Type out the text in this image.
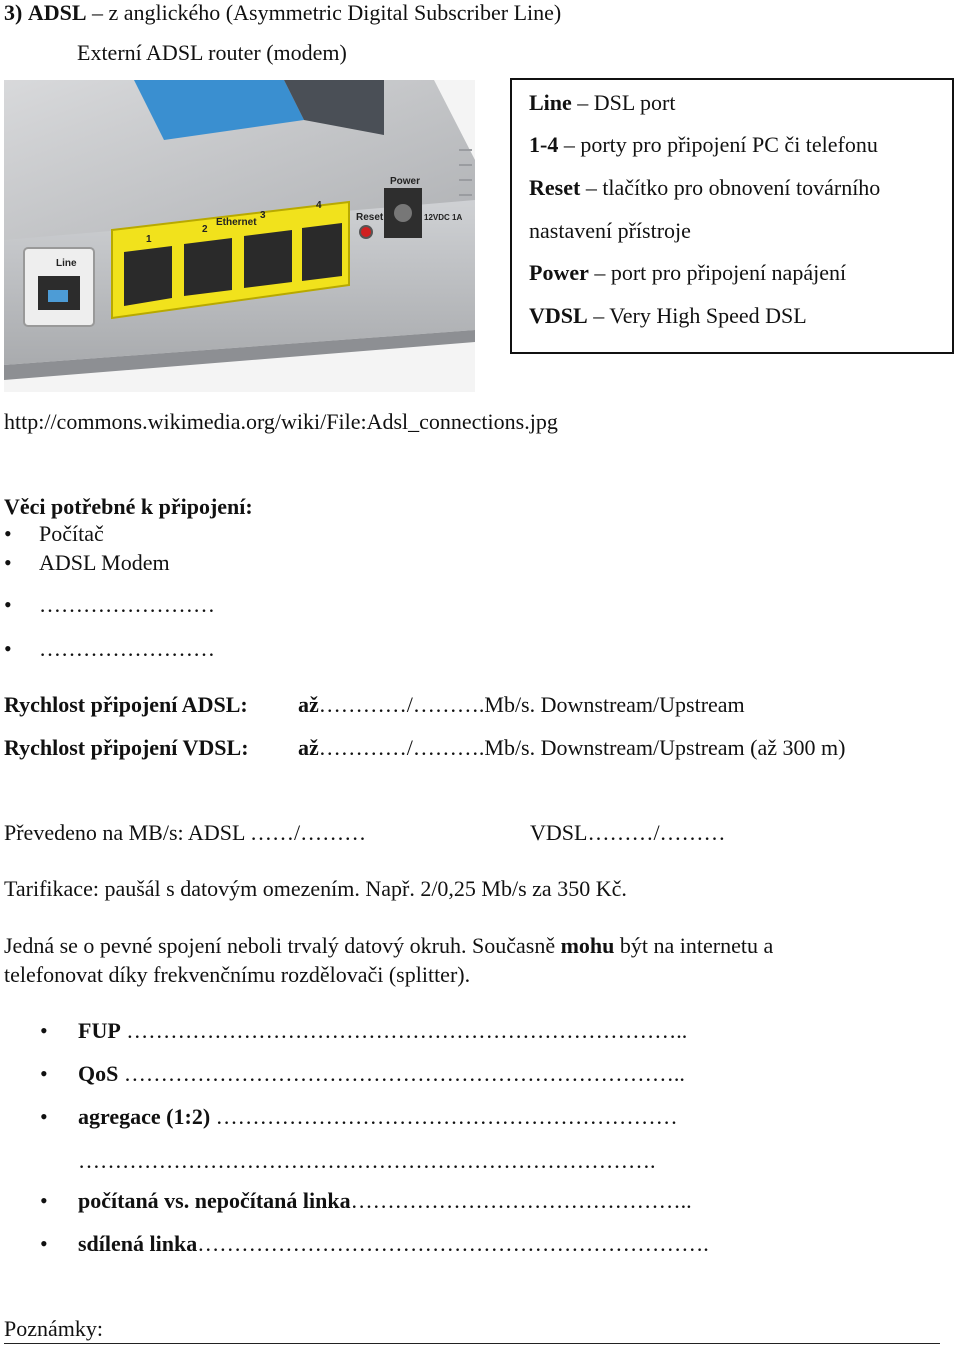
3) ADSL – z anglického (Asymmetric Digital Subscriber Line)
Externí ADSL router (modem)
Line
1
2
Ethernet
3
4
Reset
Power
12VDC 1A
Line – DSL port
1-4 – porty pro připojení PC či telefonu
Reset – tlačítko pro obnovení továrního
nastavení přístroje
Power – port pro připojení napájení
VDSL – Very High Speed DSL
http://commons.wikimedia.org/wiki/File:Adsl_connections.jpg
Věci potřebné k připojení:
• Počítač
• ADSL Modem
• ……………………
• ……………………
Rychlost připojení ADSL: až…………/……….Mb/s. Downstream/Upstream
Rychlost připojení VDSL: až…………/……….Mb/s. Downstream/Upstream (až 300 m)
Převedeno na MB/s: ADSL ……/………	VDSL………/………
Tarifikace: paušál s datovým omezením. Např. 2/0,25 Mb/s za 350 Kč.
Jedná se o pevné spojení neboli trvalý datový okruh. Současně mohu být na internetu a
telefonovat díky frekvenčnímu rozdělovači (splitter).
• FUP …………………………………………………………………..
• QoS …………………………………………………………………..
• agregace (1:2) ………………………………………………………
…………………………………………………………………….
• počítaná vs. nepočítaná linka………………………………………..
• sdílená linka…………………………………………………………….
Poznámky:
